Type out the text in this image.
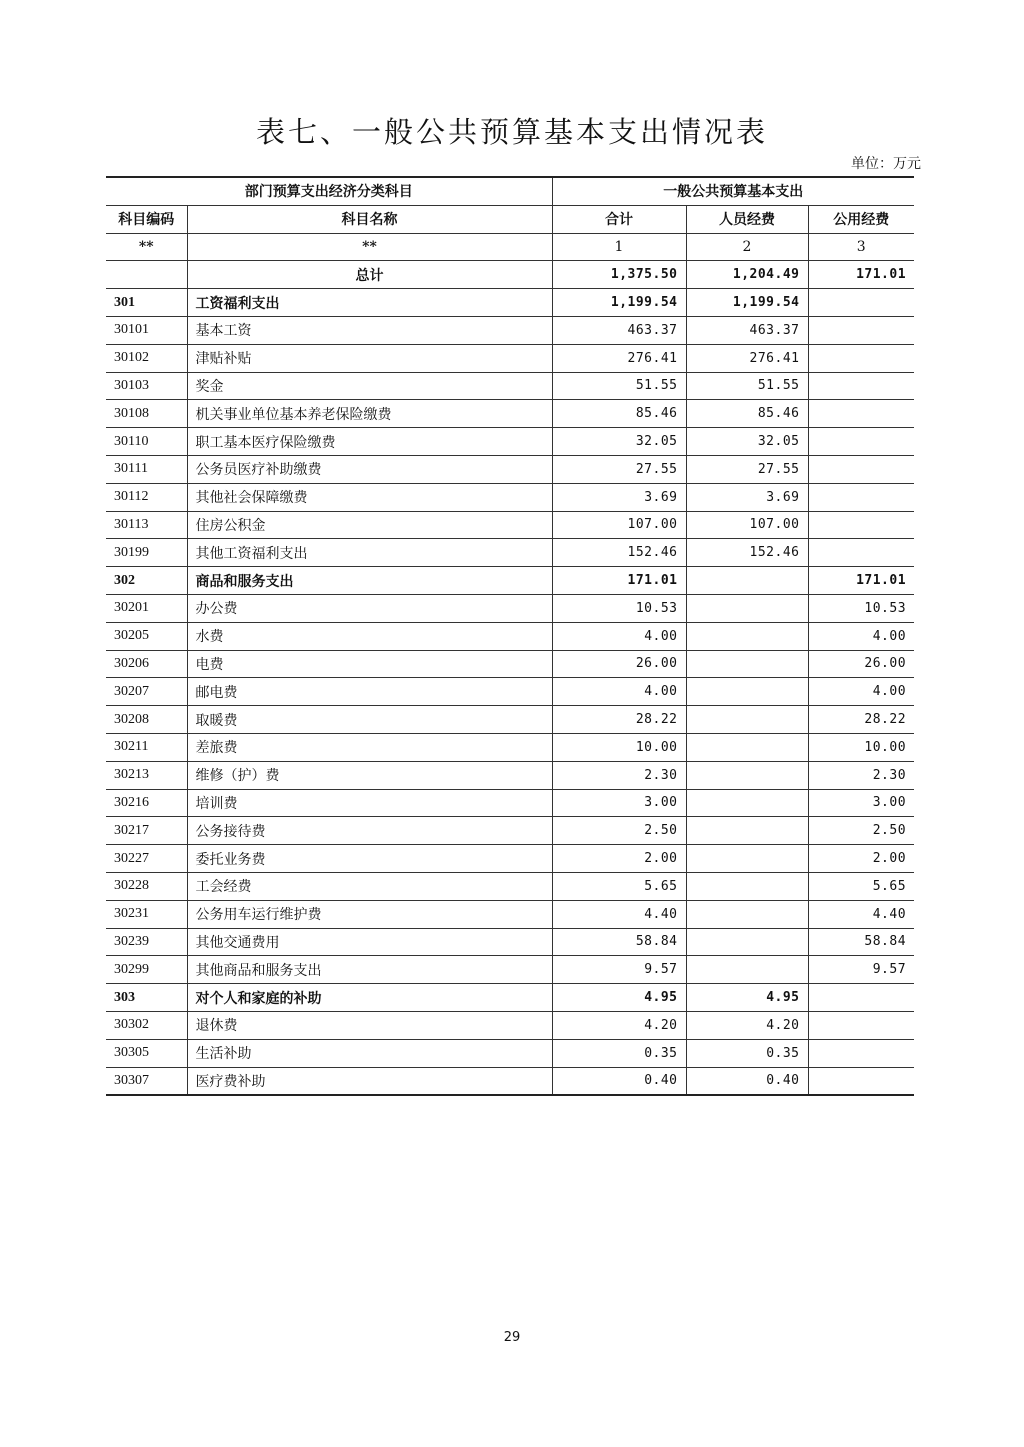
表七、一般公共预算基本支出情况表
单位：万元
部门预算支出经济分类科目		一般公共预算基本支出		
科目编码	科目名称	合计	人员经费	公用经费
**	**	1	2	3
	总计	1,375.50	1,204.49	171.01
301	工资福利支出	1,199.54	1,199.54	
30101	基本工资	463.37	463.37	
30102	津贴补贴	276.41	276.41	
30103	奖金	51.55	51.55	
30108	机关事业单位基本养老保险缴费	85.46	85.46	
30110	职工基本医疗保险缴费	32.05	32.05	
30111	公务员医疗补助缴费	27.55	27.55	
30112	其他社会保障缴费	3.69	3.69	
30113	住房公积金	107.00	107.00	
30199	其他工资福利支出	152.46	152.46	
302	商品和服务支出	171.01		171.01
30201	办公费	10.53		10.53
30205	水费	4.00		4.00
30206	电费	26.00		26.00
30207	邮电费	4.00		4.00
30208	取暖费	28.22		28.22
30211	差旅费	10.00		10.00
30213	维修（护）费	2.30		2.30
30216	培训费	3.00		3.00
30217	公务接待费	2.50		2.50
30227	委托业务费	2.00		2.00
30228	工会经费	5.65		5.65
30231	公务用车运行维护费	4.40		4.40
30239	其他交通费用	58.84		58.84
30299	其他商品和服务支出	9.57		9.57
303	对个人和家庭的补助	4.95	4.95	
30302	退休费	4.20	4.20	
30305	生活补助	0.35	0.35	
30307	医疗费补助	0.40	0.40	
29
